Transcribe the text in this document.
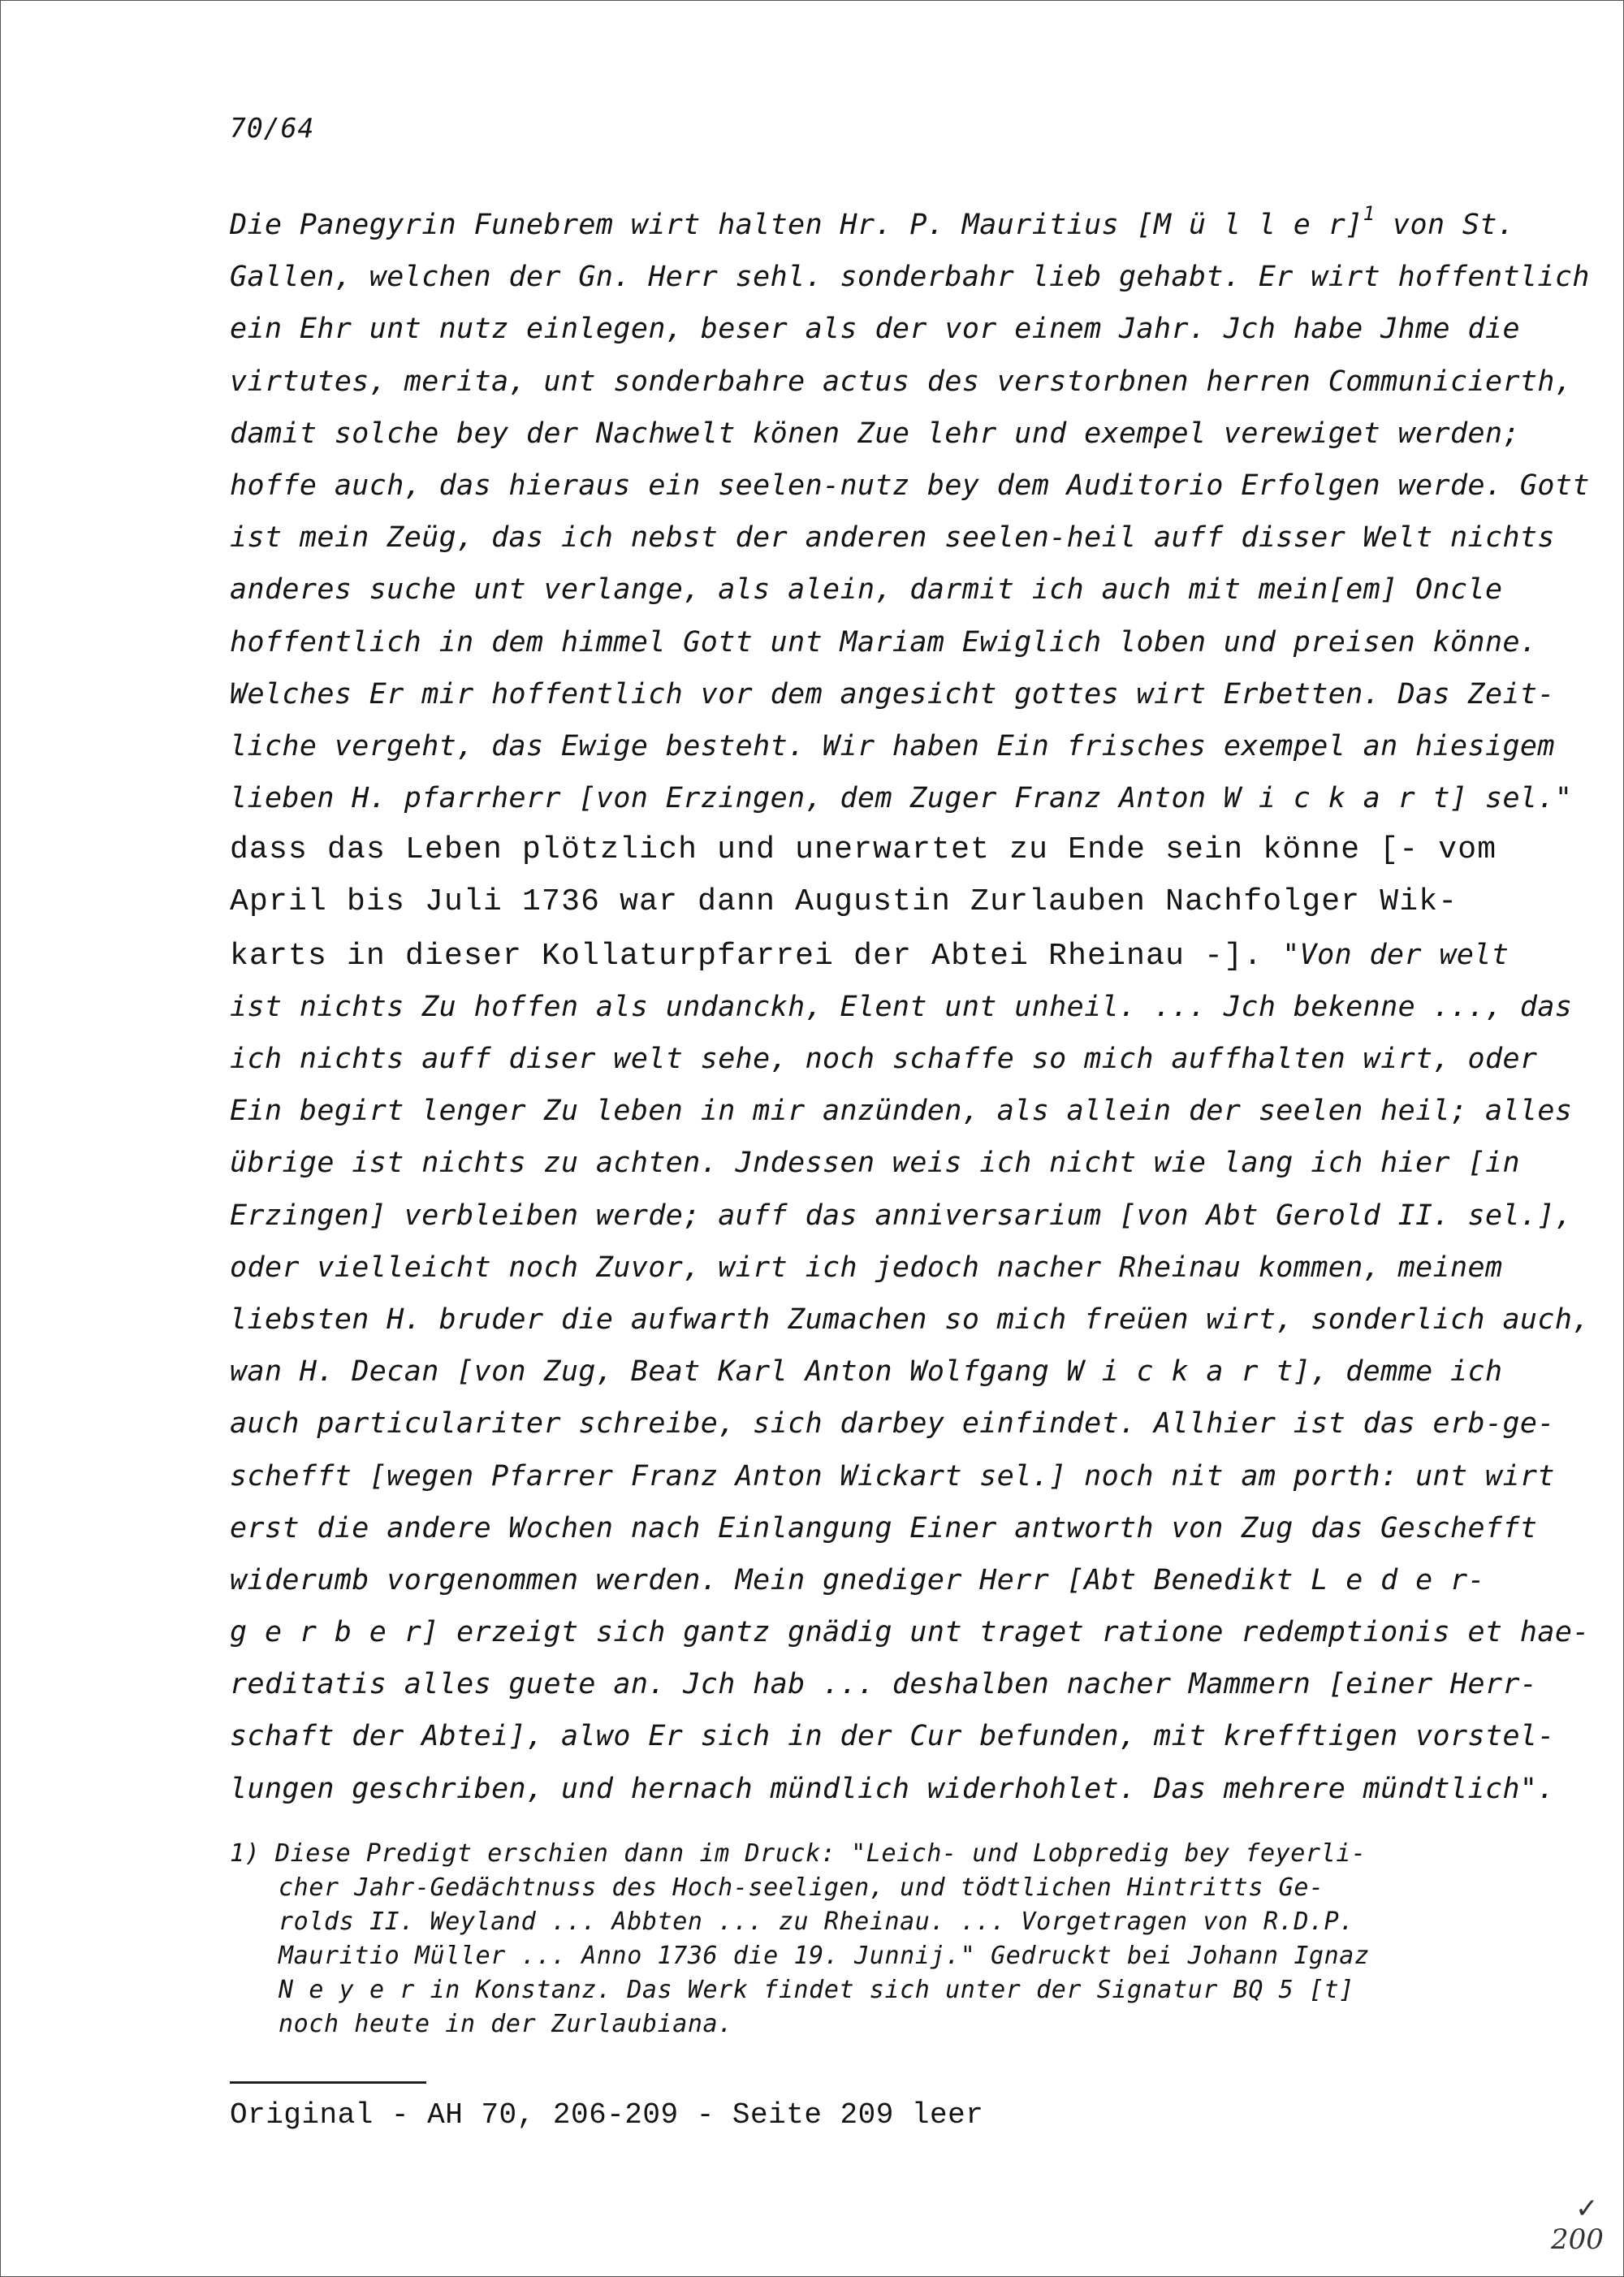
70/64
Die Panegyrin Funebrem wirt halten Hr. P. Mauritius [M ü l l e r]$^1$ von St.
Gallen, welchen der Gn. Herr sehl. sonderbahr lieb gehabt. Er wirt hoffentlich
ein Ehr unt nutz einlegen, beser als der vor einem Jahr. Jch habe Jhme die
virtutes, merita, unt sonderbahre actus des verstorbnen herren Communicierth,
damit solche bey der Nachwelt könen Zue lehr und exempel verewiget werden;
hoffe auch, das hieraus ein seelen-nutz bey dem Auditorio Erfolgen werde. Gott
ist mein Zeüg, das ich nebst der anderen seelen-heil auff disser Welt nichts
anderes suche unt verlange, als alein, darmit ich auch mit mein[em] Oncle
hoffentlich in dem himmel Gott unt Mariam Ewiglich loben und preisen könne.
Welches Er mir hoffentlich vor dem angesicht gottes wirt Erbetten. Das Zeit-
liche vergeht, das Ewige besteht. Wir haben Ein frisches exempel an hiesigem
lieben H. pfarrherr [von Erzingen, dem Zuger Franz Anton W i c k a r t] sel."
dass das Leben plötzlich und unerwartet zu Ende sein könne [- vom
April bis Juli 1736 war dann Augustin Zurlauben Nachfolger Wik-
karts in dieser Kollaturpfarrei der Abtei Rheinau -]. "Von der welt
ist nichts Zu hoffen als undanckh, Elent unt unheil. ... Jch bekenne ..., das
ich nichts auff diser welt sehe, noch schaffe so mich auffhalten wirt, oder
Ein begirt lenger Zu leben in mir anzünden, als allein der seelen heil; alles
übrige ist nichts zu achten. Jndessen weis ich nicht wie lang ich hier [in
Erzingen] verbleiben werde; auff das anniversarium [von Abt Gerold II. sel.],
oder vielleicht noch Zuvor, wirt ich jedoch nacher Rheinau kommen, meinem
liebsten H. bruder die aufwarth Zumachen so mich freüen wirt, sonderlich auch,
wan H. Decan [von Zug, Beat Karl Anton Wolfgang W i c k a r t], demme ich
auch particulariter schreibe, sich darbey einfindet. Allhier ist das erb-ge-
schefft [wegen Pfarrer Franz Anton Wickart sel.] noch nit am porth: unt wirt
erst die andere Wochen nach Einlangung Einer antworth von Zug das Geschefft
widerumb vorgenommen werden. Mein gnediger Herr [Abt Benedikt L e d e r-
g e r b e r] erzeigt sich gantz gnädig unt traget ratione redemptionis et hae-
reditatis alles guete an. Jch hab ... deshalben nacher Mammern [einer Herr-
schaft der Abtei], alwo Er sich in der Cur befunden, mit krefftigen vorstel-
lungen geschriben, und hernach mündlich widerhohlet. Das mehrere mündtlich".
1) Diese Predigt erschien dann im Druck: "Leich- und Lobpredig bey feyerli-
cher Jahr-Gedächtnuss des Hoch-seeligen, und tödtlichen Hintritts Ge-
rolds II. Weyland ... Abbten ... zu Rheinau. ... Vorgetragen von R.D.P.
Mauritio Müller ... Anno 1736 die 19. Junnij." Gedruckt bei Johann Ignaz
N e y e r in Konstanz. Das Werk findet sich unter der Signatur BQ 5 [t]
noch heute in der Zurlaubiana.
Original - AH 70, 206-209 - Seite 209 leer
✓
200
